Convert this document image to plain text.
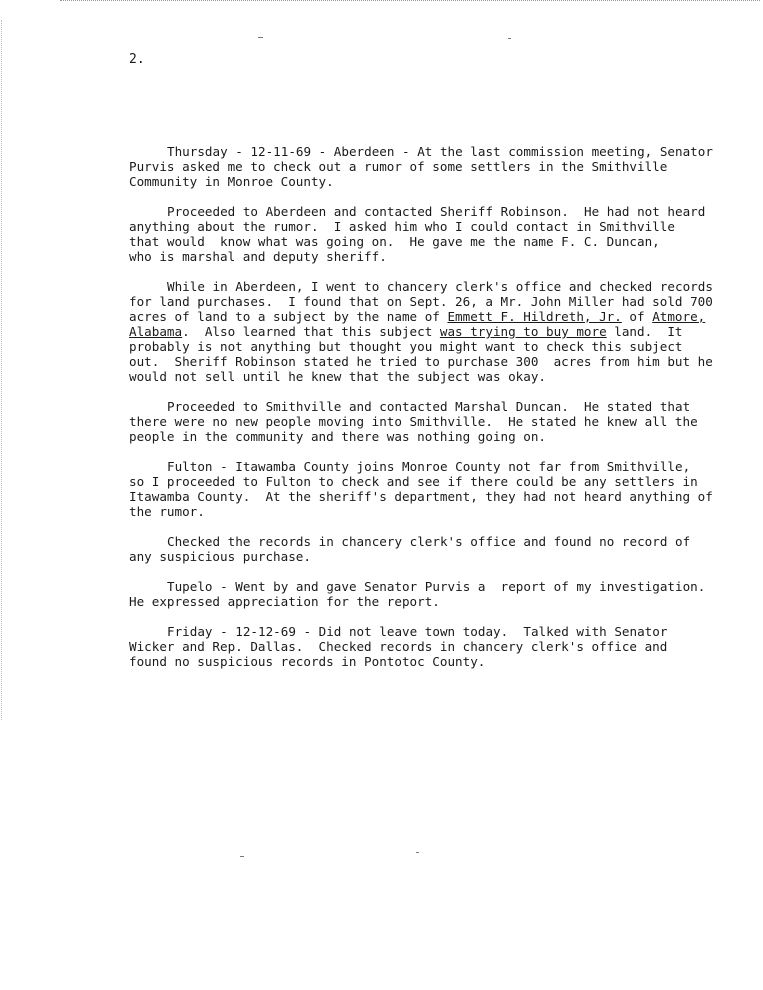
2.

Thursday - 12-11-69 - Aberdeen - At the last commission meeting, Senator
Purvis asked me to check out a rumor of some settlers in the Smithville
Community in Monroe County.

Proceeded to Aberdeen and contacted Sheriff Robinson.  He had not heard
anything about the rumor.  I asked him who I could contact in Smithville
that would  know what was going on.  He gave me the name F. C. Duncan,
who is marshal and deputy sheriff.

While in Aberdeen, I went to chancery clerk's office and checked records
for land purchases.  I found that on Sept. 26, a Mr. John Miller had sold 700
acres of land to a subject by the name of Emmett F. Hildreth, Jr. of Atmore,
Alabama.  Also learned that this subject was trying to buy more land.  It
probably is not anything but thought you might want to check this subject
out.  Sheriff Robinson stated he tried to purchase 300  acres from him but he
would not sell until he knew that the subject was okay.

Proceeded to Smithville and contacted Marshal Duncan.  He stated that
there were no new people moving into Smithville.  He stated he knew all the
people in the community and there was nothing going on.

Fulton - Itawamba County joins Monroe County not far from Smithville,
so I proceeded to Fulton to check and see if there could be any settlers in
Itawamba County.  At the sheriff's department, they had not heard anything of
the rumor.

Checked the records in chancery clerk's office and found no record of
any suspicious purchase.

Tupelo - Went by and gave Senator Purvis a  report of my investigation.
He expressed appreciation for the report.

Friday - 12-12-69 - Did not leave town today.  Talked with Senator
Wicker and Rep. Dallas.  Checked records in chancery clerk's office and
found no suspicious records in Pontotoc County.
